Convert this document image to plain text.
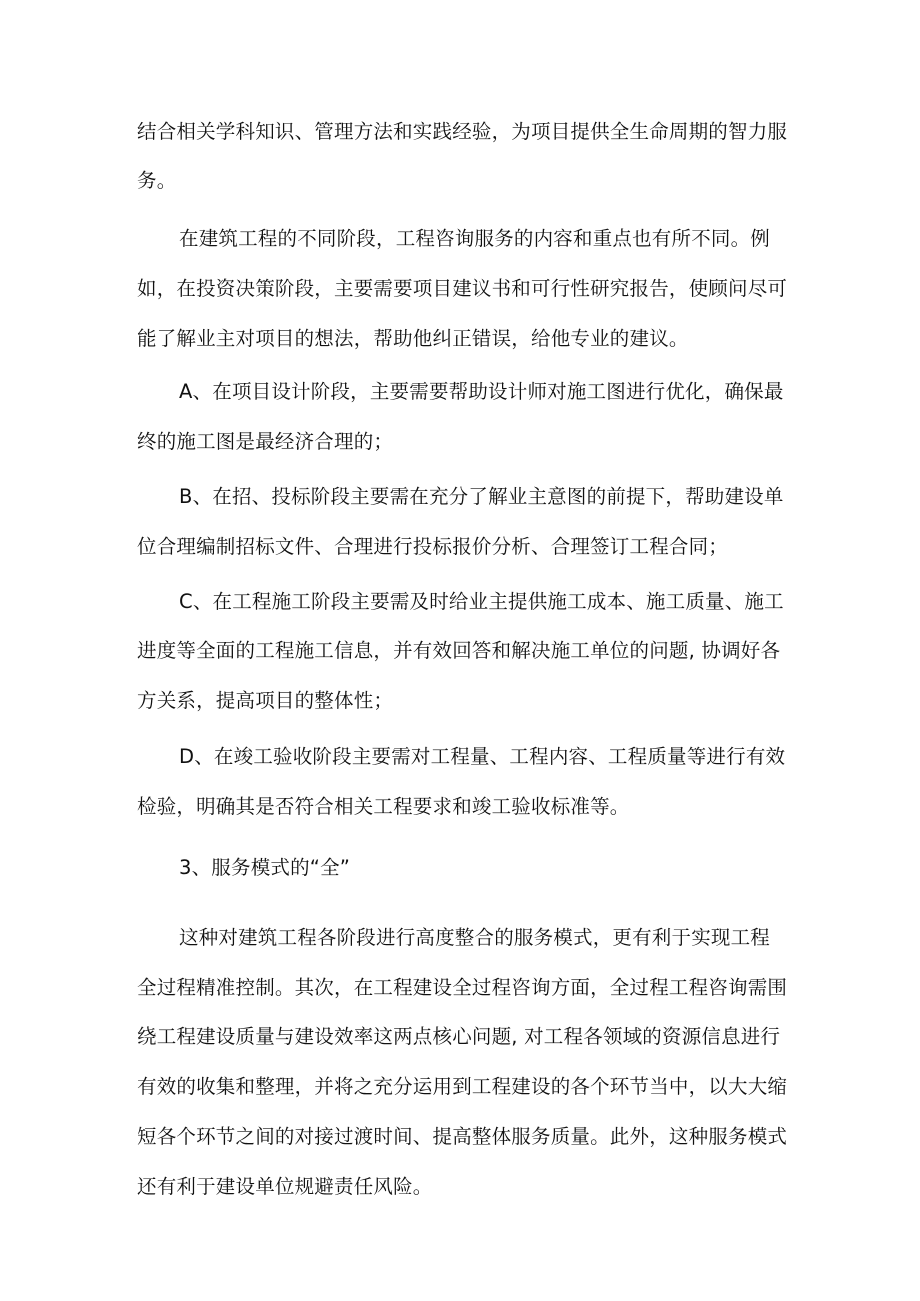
结合相关学科知识、管理方法和实践经验，为项目提供全生命周期的智力服
务。
在建筑工程的不同阶段，工程咨询服务的内容和重点也有所不同。例
如，在投资决策阶段，主要需要项目建议书和可行性研究报告，使顾问尽可
能了解业主对项目的想法，帮助他纠正错误，给他专业的建议。
A、在项目设计阶段，主要需要帮助设计师对施工图进行优化，确保最
终的施工图是最经济合理的；
B、在招、投标阶段主要需在充分了解业主意图的前提下，帮助建设单
位合理编制招标文件、合理进行投标报价分析、合理签订工程合同；
C、在工程施工阶段主要需及时给业主提供施工成本、施工质量、施工
进度等全面的工程施工信息，并有效回答和解决施工单位的问题, 协调好各
方关系，提高项目的整体性；
D、在竣工验收阶段主要需对工程量、工程内容、工程质量等进行有效
检验，明确其是否符合相关工程要求和竣工验收标准等。
3、服务模式的“全”
这种对建筑工程各阶段进行高度整合的服务模式，更有利于实现工程
全过程精准控制。其次，在工程建设全过程咨询方面，全过程工程咨询需围
绕工程建设质量与建设效率这两点核心问题, 对工程各领域的资源信息进行
有效的收集和整理，并将之充分运用到工程建设的各个环节当中，以大大缩
短各个环节之间的对接过渡时间、提高整体服务质量。此外，这种服务模式
还有利于建设单位规避责任风险。
